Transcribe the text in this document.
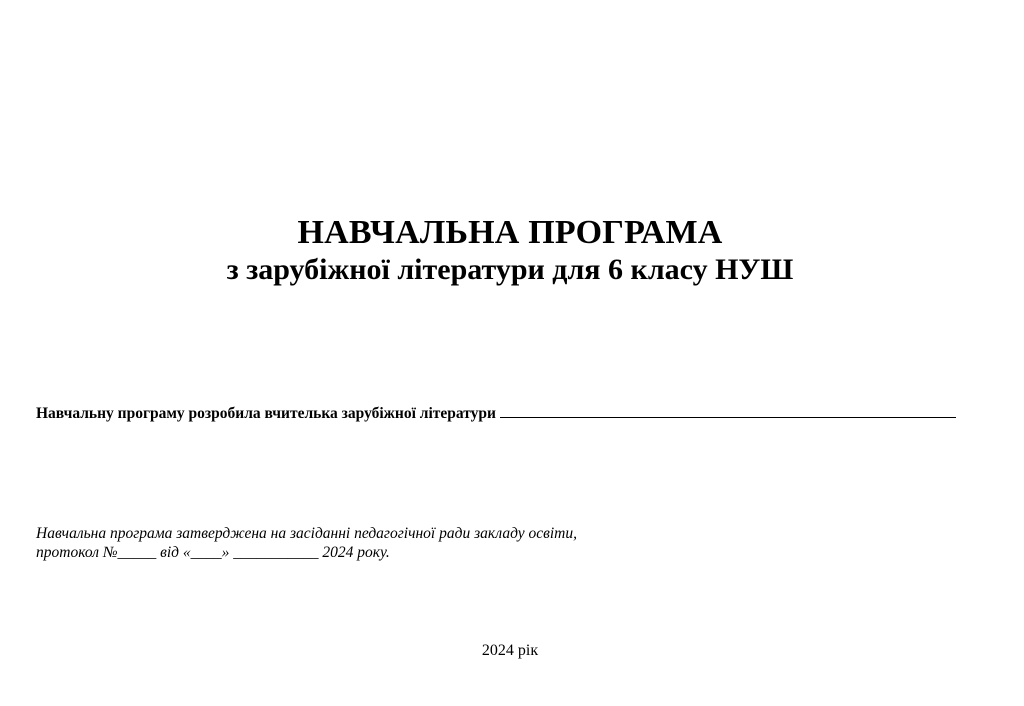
НАВЧАЛЬНА ПРОГРАМА
з зарубіжної літератури для 6 класу НУШ
Навчальну програму розробила вчителька зарубіжної літератури
Навчальна програма затверджена на засіданні педагогічної ради закладу освіти,
протокол №_____ від «____» ___________ 2024 року.
2024 рік
